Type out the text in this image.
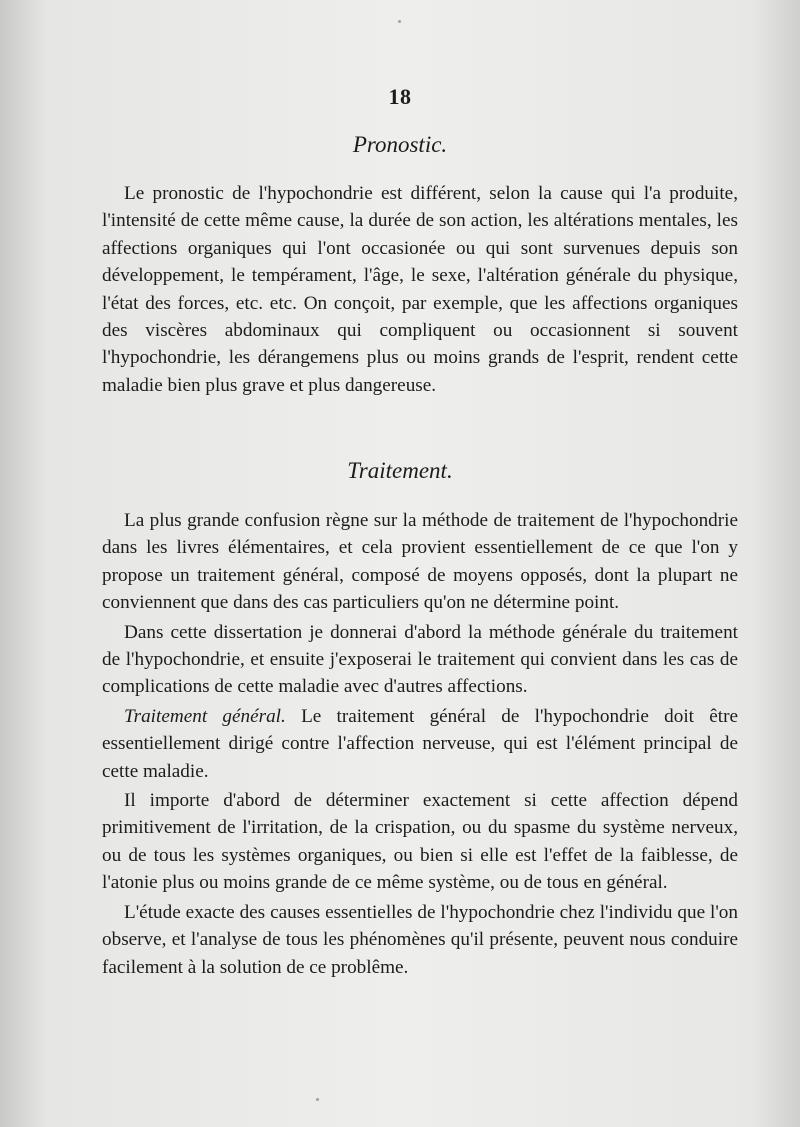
18
Pronostic.

Le pronostic de l'hypochondrie est différent, selon la cause qui l'a produite, l'intensité de cette même cause, la durée de son action, les altérations mentales, les affections organiques qui l'ont occasionée ou qui sont survenues depuis son développement, le tempérament, l'âge, le sexe, l'altération générale du physique, l'état des forces, etc. etc. On conçoit, par exemple, que les affections organiques des viscères abdominaux qui compliquent ou occasionnent si souvent l'hypochondrie, les dérangemens plus ou moins grands de l'esprit, rendent cette maladie bien plus grave et plus dangereuse.

Traitement.

La plus grande confusion règne sur la méthode de traitement de l'hypochondrie dans les livres élémentaires, et cela provient essentiellement de ce que l'on y propose un traitement général, composé de moyens opposés, dont la plupart ne conviennent que dans des cas particuliers qu'on ne détermine point.

Dans cette dissertation je donnerai d'abord la méthode générale du traitement de l'hypochondrie, et ensuite j'exposerai le traitement qui convient dans les cas de complications de cette maladie avec d'autres affections.

Traitement général. Le traitement général de l'hypochondrie doit être essentiellement dirigé contre l'affection nerveuse, qui est l'élément principal de cette maladie.

Il importe d'abord de déterminer exactement si cette affection dépend primitivement de l'irritation, de la crispation, ou du spasme du système nerveux, ou de tous les systèmes organiques, ou bien si elle est l'effet de la faiblesse, de l'atonie plus ou moins grande de ce même système, ou de tous en général.

L'étude exacte des causes essentielles de l'hypochondrie chez l'individu que l'on observe, et l'analyse de tous les phénomènes qu'il présente, peuvent nous conduire facilement à la solution de ce problême.
